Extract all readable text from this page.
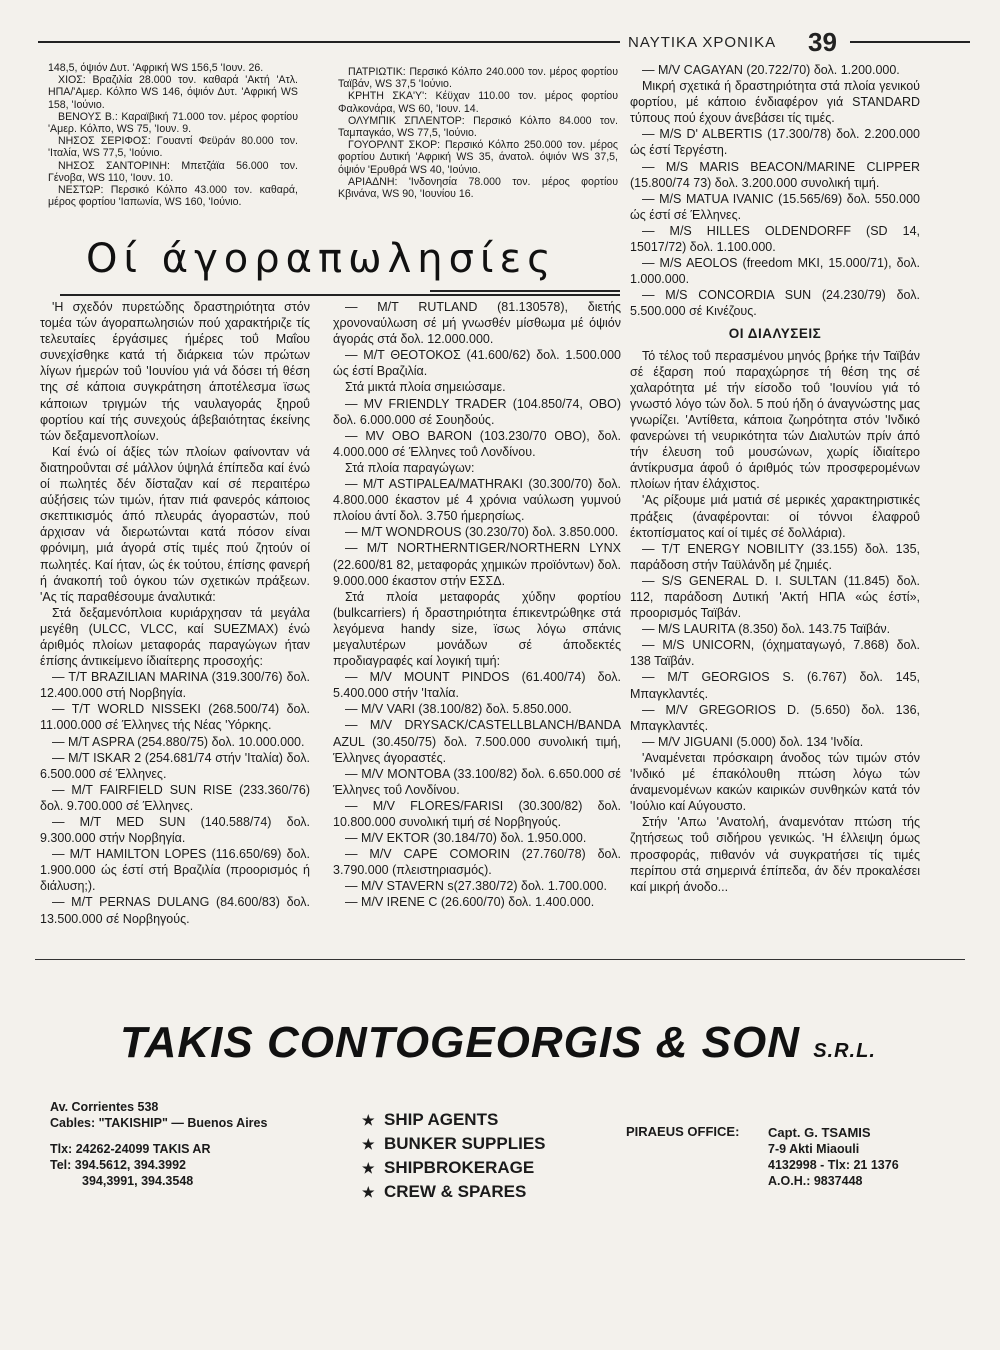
ΝΑΥΤΙΚΑ ΧΡΟΝΙΚΑ 39

148,5, όψιόν Δυτ. 'Αφρική WS 156,5 'Ιουν. 26.

ΧΙΟΣ: Βραζιλία 28.000 τον. καθαρά 'Ακτή 'Ατλ. ΗΠΑ/'Αμερ. Κόλπο WS 146, όψιόν Δυτ. 'Αφρική WS 158, 'Ιούνιο.

ΒΕΝΟΥΣ Β.: Καραϊβική 71.000 τον. μέρος φορτίου 'Αμερ. Κόλπο, WS 75, 'Ιουν. 9.

ΝΗΣΟΣ ΣΕΡΙΦΟΣ: Γουαντί Φεϋράν 80.000 τον. 'Ιταλία, WS 77,5, 'Ιούνιο.

ΝΗΣΟΣ ΣΑΝΤΟΡΙΝΗ: Μπετζάϊα 56.000 τον. Γένοβα, WS 110, 'Ιουν. 10.

ΝΕΣΤΩΡ: Περσικό Κόλπο 43.000 τον. καθαρά, μέρος φορτίου 'Ιαπωνία, WS 160, 'Ιούνιο.

ΠΑΤΡΙΩΤΙΚ: Περσικό Κόλπο 240.000 τον. μέρος φορτίου Ταϊβάν, WS 37,5 'Ιούνιο.

ΚΡΗΤΗ ΣΚΑ'Υ': Κέϋχαν 110.00 τον. μέρος φορτίου Φαλκονάρα, WS 60, 'Ιουν. 14.

ΟΛΥΜΠΙΚ ΣΠΛΕΝΤΟΡ: Περσικό Κόλπο 84.000 τον. Ταμπαγκάο, WS 77,5, 'Ιούνιο.

ΓΟΥΟΡΛΝΤ ΣΚΟΡ: Περσικό Κόλπο 250.000 τον. μέρος φορτίου Δυτική 'Αφρική WS 35, άνατολ. όψιόν WS 37,5, όψιόν 'Ερυθρά WS 40, 'Ιούνιο.

ΑΡΙΑΔΝΗ: 'Ινδονησία 78.000 τον. μέρος φορτίου Κβινάνα, WS 90, 'Ιουνίου 16.

Οί άγοραπωλησίες

'Η σχεδόν πυρετώδης δραστηριότητα στόν τομέα τών άγοραπωλησιών πού χαρακτήριζε τίς τελευταίες έργάσιμες ήμέρες τοΰ Μαΐου συνεχίσθηκε κατά τή διάρκεια τών πρώτων λίγων ήμερών τοΰ 'Ιουνίου γιά νά δόσει τή θέση της σέ κάποια συγκράτηση άποτέλεσμα ϊσως κάποιων τριγμών τής ναυλαγοράς ξηροΰ φορτίου καί τής συνεχούς άβεβαιότητας έκείνης τών δεξαμενοπλοίων.

Καί ένώ οί άξίες τών πλοίων φαίνονταν νά διατηροΰνται σέ μάλλον ύψηλά έπίπεδα καί ένώ οί πωλητές δέν δίσταζαν καί σέ περαιτέρω αύξήσεις τών τιμών, ήταν πιά φανερός κάποιος σκεπτικισμός άπό πλευράς άγοραστών, πού άρχισαν νά διερωτώνται κατά πόσον είναι φρόνιμη, μιά άγορά στίς τιμές πού ζητούν οί πωλητές. Καί ήταν, ώς έκ τούτου, έπίσης φανερή ή άνακοπή τοΰ όγκου τών σχετικών πράξεων. 'Ας τίς παραθέσουμε άναλυτικά:

Στά δεξαμενόπλοια κυριάρχησαν τά μεγάλα μεγέθη (ULCC, VLCC, καί SUEZMAX) ένώ άριθμός πλοίων μεταφοράς παραγώγων ήταν έπίσης άντικείμενο ίδιαίτερης προσοχής:

— T/T BRAZILIAN MARINA (319.300/76) δολ. 12.400.000 στή Νορβηγία.

— T/T WORLD NISSEKI (268.500/74) δολ. 11.000.000 σέ Έλληνες τής Νέας 'Υόρκης.

— M/T ASPRA (254.880/75) δολ. 10.000.000.

— M/T ISKAR 2 (254.681/74 στήν 'Ιταλία) δολ. 6.500.000 σέ Έλληνες.

— M/T FAIRFIELD SUN RISE (233.360/76) δολ. 9.700.000 σέ Έλληνες.

— M/T MED SUN (140.588/74) δολ. 9.300.000 στήν Νορβηγία.

— M/T HAMILTON LOPES (116.650/69) δολ. 1.900.000 ώς έστί στή Βραζιλία (προορισμός ή διάλυση;).

— M/T PERNAS DULANG (84.600/83) δολ. 13.500.000 σέ Νορβηγούς.

— M/T RUTLAND (81.130578), διετής χρονοναύλωση σέ μή γνωσθέν μίσθωμα μέ όψιόν άγοράς στά δολ. 12.000.000.

— M/T ΘΕΟΤΟΚΟΣ (41.600/62) δολ. 1.500.000 ώς έστί Βραζιλία.

Στά μικτά πλοία σημειώσαμε.

— MV FRIENDLY TRADER (104.850/74, OBO) δολ. 6.000.000 σέ Σουηδούς.

— MV OBO BARON (103.230/70 OBO), δολ. 4.000.000 σέ Έλληνες τοΰ Λονδίνου.

Στά πλοία παραγώγων:

— M/T ASTIPALEA/MATHRAKI (30.300/70) δολ. 4.800.000 έκαστον μέ 4 χρόνια ναύλωση γυμνού πλοίου άντί δολ. 3.750 ήμερησίως.

— M/T WONDROUS (30.230/70) δολ. 3.850.000.

— M/T NORTHERNTIGER/NORTHERN LYNX (22.600/81 82, μεταφοράς χημικών προϊόντων) δολ. 9.000.000 έκαστον στήν ΕΣΣΔ.

Στά πλοία μεταφοράς χύδην φορτίου (bulkcarriers) ή δραστηριότητα έπικεντρώθηκε στά λεγόμενα handy size, ϊσως λόγω σπάνις μεγαλυτέρων μονάδων σέ άποδεκτές προδιαγραφές καί λογική τιμή:

— M/V MOUNT PINDOS (61.400/74) δολ. 5.400.000 στήν 'Ιταλία.

— M/V VARI (38.100/82) δολ. 5.850.000.

— M/V DRYSACK/CASTELLBLANCH/BANDA AZUL (30.450/75) δολ. 7.500.000 συνολική τιμή, Έλληνες άγοραστές.

— M/V MONTOBA (33.100/82) δολ. 6.650.000 σέ Έλληνες τοΰ Λονδίνου.

— M/V FLORES/FARISI (30.300/82) δολ. 10.800.000 συνολική τιμή σέ Νορβηγούς.

— M/V EKTOR (30.184/70) δολ. 1.950.000.

— M/V CAPE COMORIN (27.760/78) δολ. 3.790.000 (πλειστηριασμός).

— M/V STAVERN s(27.380/72) δολ. 1.700.000.

— M/V IRENE C (26.600/70) δολ. 1.400.000.

— M/V CAGAYAN (20.722/70) δολ. 1.200.000.

Μικρή σχετικά ή δραστηριότητα στά πλοία γενικού φορτίου, μέ κάποιο ένδιαφέρον γιά STANDARD τύπους πού έχουν άνεβάσει τίς τιμές.

— M/S D' ALBERTIS (17.300/78) δολ. 2.200.000 ώς έστί Τεργέστη.

— M/S MARIS BEACON/MARINE CLIPPER (15.800/74 73) δολ. 3.200.000 συνολική τιμή.

— M/S MATUA IVANIC (15.565/69) δολ. 550.000 ώς έστί σέ Έλληνες.

— M/S HILLES OLDENDORFF (SD 14, 15017/72) δολ. 1.100.000.

— M/S AEOLOS (freedom MKI, 15.000/71), δολ. 1.000.000.

— M/S CONCORDIA SUN (24.230/79) δολ. 5.500.000 σέ Κινέζους.

ΟΙ ΔΙΑΛΥΣΕΙΣ

Τό τέλος τοΰ περασμένου μηνός βρήκε τήν Ταϊβάν σέ έξαρση πού παραχώρησε τή θέση της σέ χαλαρότητα μέ τήν είσοδο τοΰ 'Ιουνίου γιά τό γνωστό λόγο τών δολ. 5 πού ήδη ό άναγνώστης μας γνωρίζει. 'Αντίθετα, κάποια ζωηρότητα στόν 'Ινδικό φανερώνει τή νευρικότητα τών Διαλυτών πρίν άπό τήν έλευση τοΰ μουσώνων, χωρίς ίδιαίτερο άντίκρυσμα άφοΰ ό άριθμός τών προσφερομένων πλοίων ήταν έλάχιστος.

'Ας ρίξουμε μιά ματιά σέ μερικές χαρακτηριστικές πράξεις (άναφέρονται: οί τόννοι έλαφροΰ έκτοπίσματος καί οί τιμές σέ δολλάρια).

— T/T ENERGY NOBILITY (33.155) δολ. 135, παράδοση στήν Ταϋλάνδη μέ ζημιές.

— S/S GENERAL D. I. SULTAN (11.845) δολ. 112, παράδοση Δυτική 'Ακτή ΗΠΑ «ώς έστί», προορισμός Ταϊβάν.

— M/S LAURITA (8.350) δολ. 143.75 Ταϊβάν.

— M/S UNICORN, (όχηματαγωγό, 7.868) δολ. 138 Ταϊβάν.

— M/T GEORGIOS S. (6.767) δολ. 145, Μπαγκλαντές.

— M/V GREGORIOS D. (5.650) δολ. 136, Μπαγκλαντές.

— M/V JIGUANI (5.000) δολ. 134 'Ινδία.

'Αναμένεται πρόσκαιρη άνοδος τών τιμών στόν 'Ινδικό μέ έπακόλουθη πτώση λόγω τών άναμενομένων κακών καιρικών συνθηκών κατά τόν 'Ιούλιο καί Αύγουστο.

Στήν 'Απω 'Ανατολή, άναμενόταν πτώση τής ζητήσεως τοΰ σιδήρου γενικώς. 'Η έλλειψη όμως προσφοράς, πιθανόν νά συγκρατήσει τίς τιμές περίπου στά σημερινά έπίπεδα, άν δέν προκαλέσει καί μικρή άνοδο...

TAKIS CONTOGEORGIS & SON S.R.L.
Av. Corrientes 538
Cables: "TAKISHIP" — Buenos Aires
Tlx: 24262-24099 TAKIS AR
Tel: 394.5612, 394.3992
394,3991, 394.3548
★ SHIP AGENTS
★ BUNKER SUPPLIES
★ SHIPBROKERAGE
★ CREW & SPARES
PIRAEUS OFFICE: Capt. G. TSAMIS
7-9 Akti Miaouli
4132998 - Tlx: 21 1376
A.O.H.: 9837448
